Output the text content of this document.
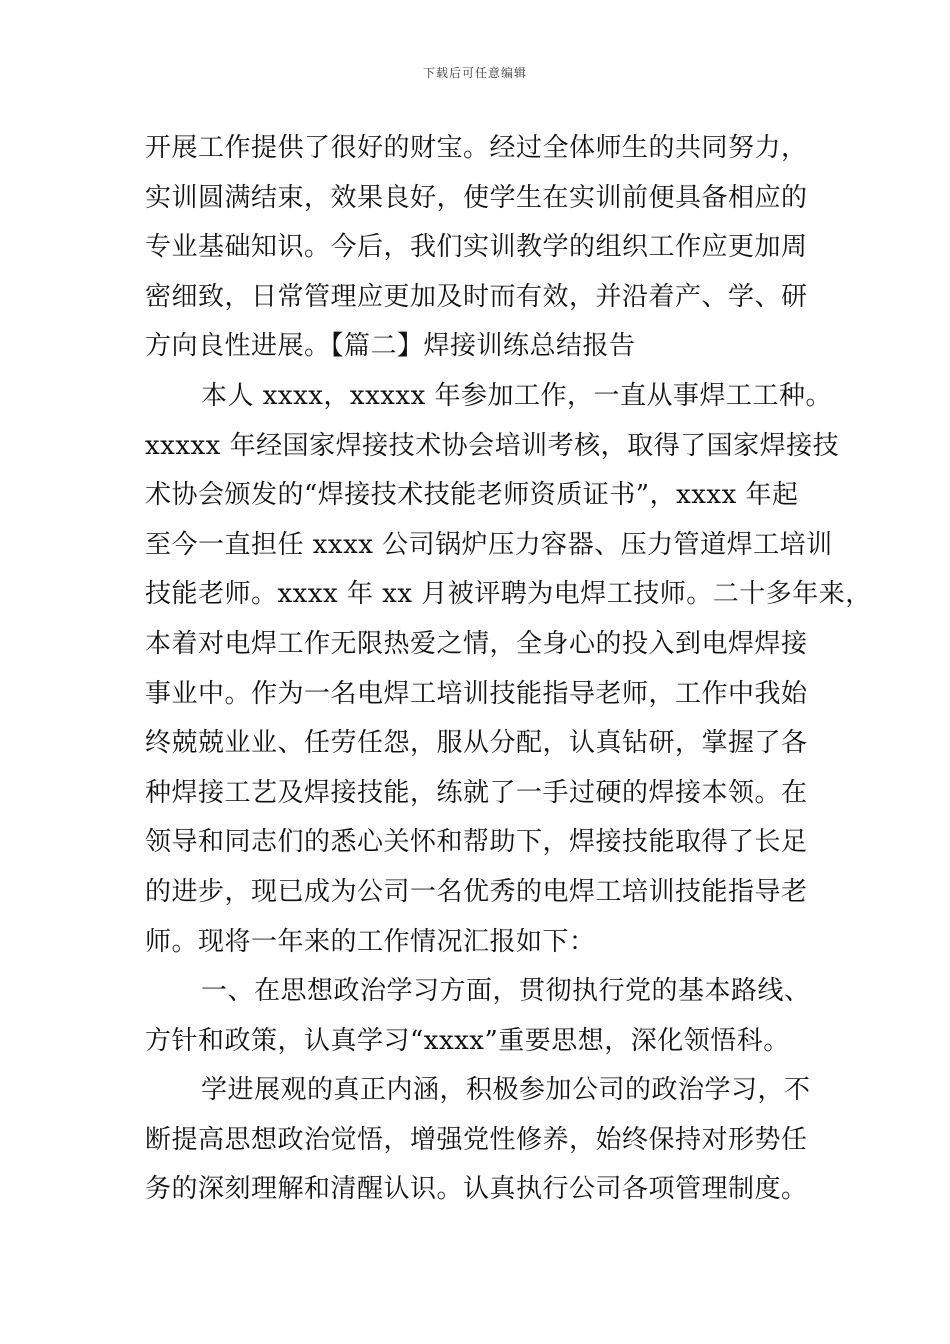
下载后可任意编辑
开展工作提供了很好的财宝。经过全体师生的共同努力，
实训圆满结束，效果良好，使学生在实训前便具备相应的
专业基础知识。今后，我们实训教学的组织工作应更加周
密细致，日常管理应更加及时而有效，并沿着产、学、研
方向良性进展。【篇二】焊接训练总结报告
本人 xxxx，xxxxx 年参加工作，一直从事焊工工种。
xxxxx 年经国家焊接技术协会培训考核，取得了国家焊接技
术协会颁发的“焊接技术技能老师资质证书”，xxxx 年起
至今一直担任 xxxx 公司锅炉压力容器、压力管道焊工培训
技能老师。xxxx 年 xx 月被评聘为电焊工技师。二十多年来，
本着对电焊工作无限热爱之情，全身心的投入到电焊焊接
事业中。作为一名电焊工培训技能指导老师，工作中我始
终兢兢业业、任劳任怨，服从分配，认真钻研，掌握了各
种焊接工艺及焊接技能，练就了一手过硬的焊接本领。在
领导和同志们的悉心关怀和帮助下，焊接技能取得了长足
的进步，现已成为公司一名优秀的电焊工培训技能指导老
师。现将一年来的工作情况汇报如下：
一、在思想政治学习方面，贯彻执行党的基本路线、
方针和政策，认真学习“xxxx”重要思想，深化领悟科。
学进展观的真正内涵，积极参加公司的政治学习，不
断提高思想政治觉悟，增强党性修养，始终保持对形势任
务的深刻理解和清醒认识。认真执行公司各项管理制度。
